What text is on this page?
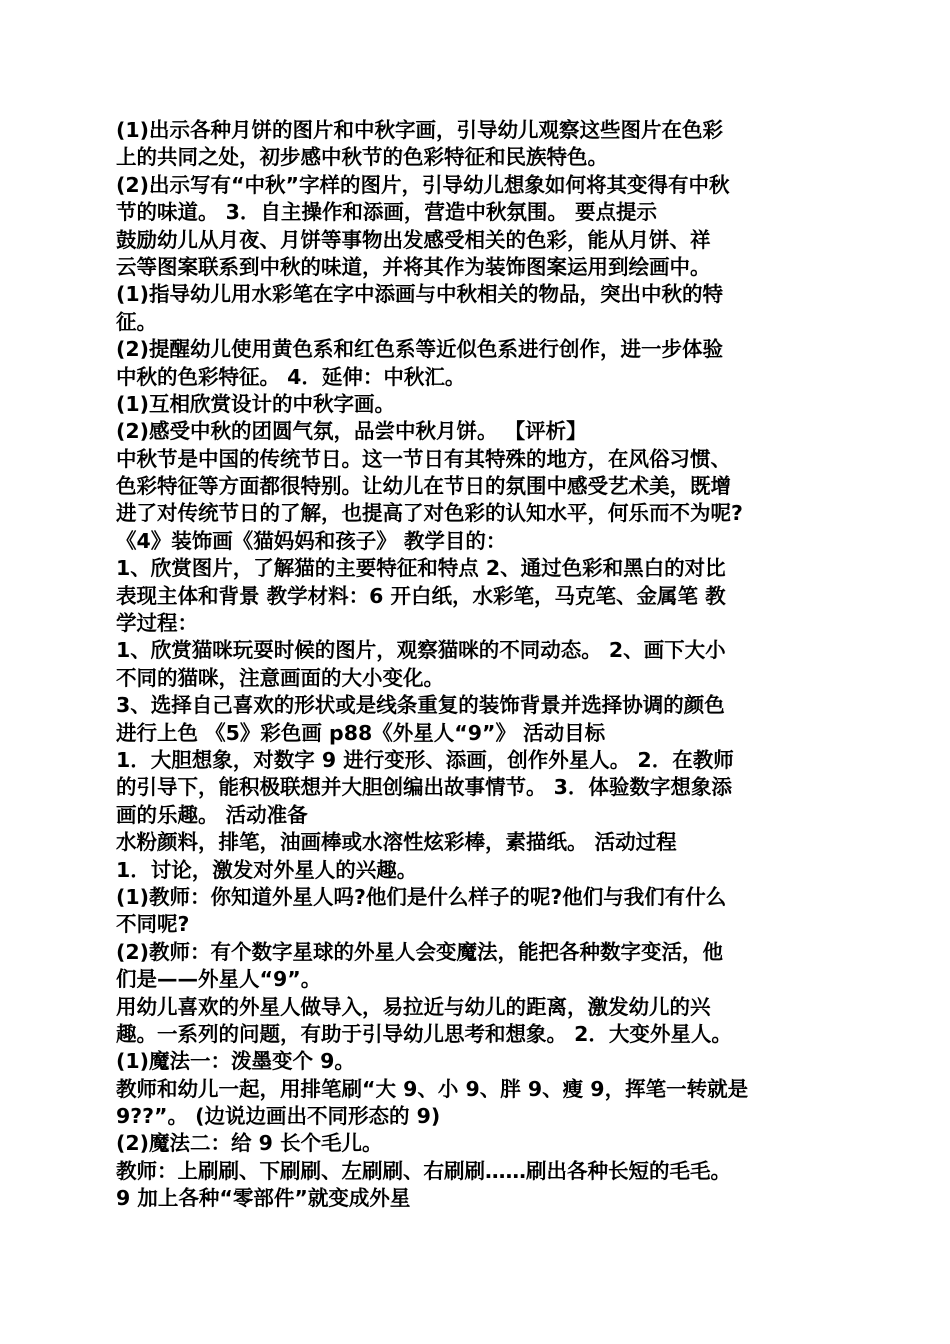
(1)出示各种月饼的图片和中秋字画，引导幼儿观察这些图片在色彩
上的共同之处，初步感中秋节的色彩特征和民族特色。
(2)出示写有“中秋”字样的图片，引导幼儿想象如何将其变得有中秋
节的味道。 3．自主操作和添画，营造中秋氛围。 要点提示
鼓励幼儿从月夜、月饼等事物出发感受相关的色彩，能从月饼、祥
云等图案联系到中秋的味道，并将其作为装饰图案运用到绘画中。
(1)指导幼儿用水彩笔在字中添画与中秋相关的物品，突出中秋的特
征。
(2)提醒幼儿使用黄色系和红色系等近似色系进行创作，进一步体验
中秋的色彩特征。 4．延伸：中秋汇。
(1)互相欣赏设计的中秋字画。
(2)感受中秋的团圆气氛，品尝中秋月饼。 【评析】
中秋节是中国的传统节日。这一节日有其特殊的地方，在风俗习惯、
色彩特征等方面都很特别。让幼儿在节日的氛围中感受艺术美，既增
进了对传统节日的了解，也提高了对色彩的认知水平，何乐而不为呢?
《4》装饰画《猫妈妈和孩子》 教学目的：
1、欣赏图片，了解猫的主要特征和特点 2、通过色彩和黑白的对比
表现主体和背景 教学材料：6 开白纸，水彩笔，马克笔、金属笔 教
学过程：
1、欣赏猫咪玩耍时候的图片，观察猫咪的不同动态。 2、画下大小
不同的猫咪，注意画面的大小变化。
3、选择自己喜欢的形状或是线条重复的装饰背景并选择协调的颜色
进行上色 《5》彩色画 p88《外星人“9”》 活动目标
1．大胆想象，对数字 9 进行变形、添画，创作外星人。 2．在教师
的引导下，能积极联想并大胆创编出故事情节。 3．体验数字想象添
画的乐趣。 活动准备
水粉颜料，排笔，油画棒或水溶性炫彩棒，素描纸。 活动过程
1．讨论，激发对外星人的兴趣。
(1)教师：你知道外星人吗?他们是什么样子的呢?他们与我们有什么
不同呢?
(2)教师：有个数字星球的外星人会变魔法，能把各种数字变活，他
们是——外星人“9”。
用幼儿喜欢的外星人做导入，易拉近与幼儿的距离，激发幼儿的兴
趣。一系列的问题，有助于引导幼儿思考和想象。 2．大变外星人。
(1)魔法一：泼墨变个 9。
教师和幼儿一起，用排笔刷“大 9、小 9、胖 9、瘦 9，挥笔一转就是
9??”。 (边说边画出不同形态的 9)
(2)魔法二：给 9 长个毛儿。
教师：上刷刷、下刷刷、左刷刷、右刷刷……刷出各种长短的毛毛。
9 加上各种“零部件”就变成外星
